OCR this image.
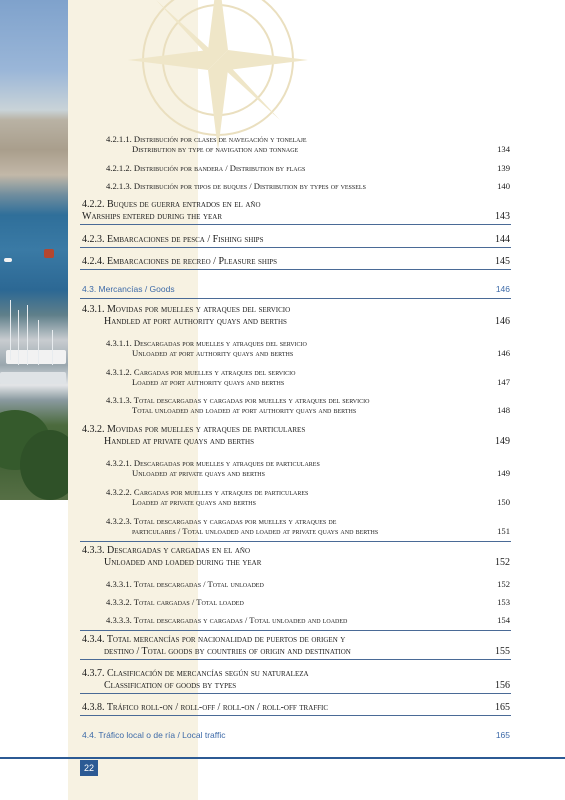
4.2.1.1. Distribución por clases de navegación y tonelaje
Distribution by type of navigation and tonnage	134
4.2.1.2. Distribución por bandera / Distribution by flags	139
4.2.1.3. Distribución por tipos de buques / Distribution by types of vessels	140
4.2.2. Buques de guerra entrados en el año
Warships entered during the year	143
4.2.3. Embarcaciones de pesca / Fishing ships	144
4.2.4. Embarcaciones de recreo / Pleasure ships	145
4.3. Mercancías / Goods	146
4.3.1. Movidas por muelles y atraques del servicio
Handled at port authority quays and berths	146
4.3.1.1. Descargadas por muelles y atraques del servicio
Unloaded at port authority quays and berths	146
4.3.1.2. Cargadas por muelles y atraques del servicio
Loaded at port authority quays and berths	147
4.3.1.3. Total descargadas y cargadas por muelles y atraques del servicio
Total unloaded and loaded at port authority quays and berths	148
4.3.2. Movidas por muelles y atraques de particulares
Handled at private quays and berths	149
4.3.2.1. Descargadas por muelles y atraques de particulares
Unloaded at private quays and berths	149
4.3.2.2. Cargadas por muelles y atraques de particulares
Loaded at private quays and berths	150
4.3.2.3. Total descargadas y cargadas por muelles y atraques de
particulares / Total unloaded and loaded at private quays and berths	151
4.3.3. Descargadas y cargadas en el año
Unloaded and loaded during the year	152
4.3.3.1. Total descargadas / Total unloaded	152
4.3.3.2. Total cargadas / Total loaded	153
4.3.3.3. Total descargadas y cargadas / Total unloaded and loaded	154
4.3.4. Total mercancías por nacionalidad de puertos de origen y
destino / Total goods by countries of origin and destination	155
4.3.7. Clasificación de mercancías según su naturaleza
Classification of goods by types	156
4.3.8. Tráfico roll-on / roll-off / roll-on / roll-off traffic	165
4.4. Tráfico local o de ría / Local traffic	165
22
